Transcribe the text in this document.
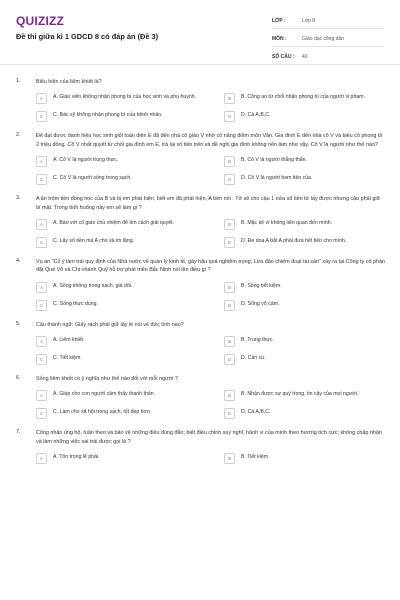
QUIZIZZ
Đề thi giữa kì 1 GDCD 8 có đáp án (Đề 3)
LỚP :	Lớp 8
MÔN :	Giáo dục công dân
SỐ CÂU :	40
1.	Biểu hiện của liêm khiết là?
A	A. Giáo viên không nhận phong bì của học sinh và phụ huynh.	B	B. Công an từ chối nhận phong bì của người vi phạm.
C	C. Bác sỹ không nhận phong bì của bệnh nhân.	D	D. Cả A,B,C.
2.	Để đạt được danh hiệu học sinh giỏi toàn diện E đã đến nhà cô giáo V nhờ cô nâng điểm môn Văn. Gia đình E đến nhà cô V và biếu cô phong bì 2 triệu đồng. Cô V nhất quyết từ chối gia đình em E, trả lại số tiền trên và đề nghị gia đình không nên làm như vậy. Cô V là người như thế nào?
A	A. Cô V là người trung thực.	B	B. Cô V là người thẳng thắn.
C	C. Cô V là người sống trong sạch.	D	D. Cô V là người ham tiền của.
3.	A ăn trộm tiền đồng học của B và bị em phát hiện, biết em đã phát hiện, A bèn nói : Tớ sẽ cho cậu 1 nửa số tiền từ lấy được nhưng cậu phải giữ bí mật. Trong tình huống này em sẽ làm gì ?
A	A. Báo với cô giáo chủ nhiệm để tìm cách giải quyết.	B	B. Mặc kệ vì không liên quan đến mình.
C	C. Lấy số tiền mà A cho và im lặng.	D	D. Đe doạ A bắt A phải đưa hết tiền cho mình.
4.	Vụ án "Cố ý làm trái quy định của Nhà nước về quản lý kinh tế, gây hậu quả nghiêm trọng; Lừa đảo chiếm đoạt tài sản" xảy ra tại Công ty cổ phần đặt Quế Võ và Chi nhánh Quỹ hỗ trợ phát triển Bắc Ninh nói lên điều gì ?
A	A. Sống không trong sạch, giả dối.	B	B. Sống tiết kiệm.
C	C. Sống thực dụng.	D	D. Sống vô cảm.
5.	Câu thành ngữ: Giấy rách phải giữ lấy lề nói về đức tính nào?
A	A. Liêm khiết.	B	B. Trung thực.
C	C. Tiết kiệm.	D	D. Cần cù.
6.	Sống liêm khiết có ý nghĩa như thế nào đối với mỗi người ?
A	A. Giúp cho con người cảm thấy thanh thản.	B	B. Nhận được sự quý trọng, tin cậy của mọi người.
C	C. Làm cho xã hội trong sạch, tốt đẹp hơn.	D	D. Cả A,B,C.
7.	Công nhận ủng hộ, tuân theo và bảo vệ những điều đúng đắn; biết điều chỉnh suy nghĩ, hành vi của mình theo hướng tích cực; không chấp nhận và làm những việc sai trái được gọi là ?
A	A. Tôn trọng lẽ phải.	B	B. Tiết kiệm.
